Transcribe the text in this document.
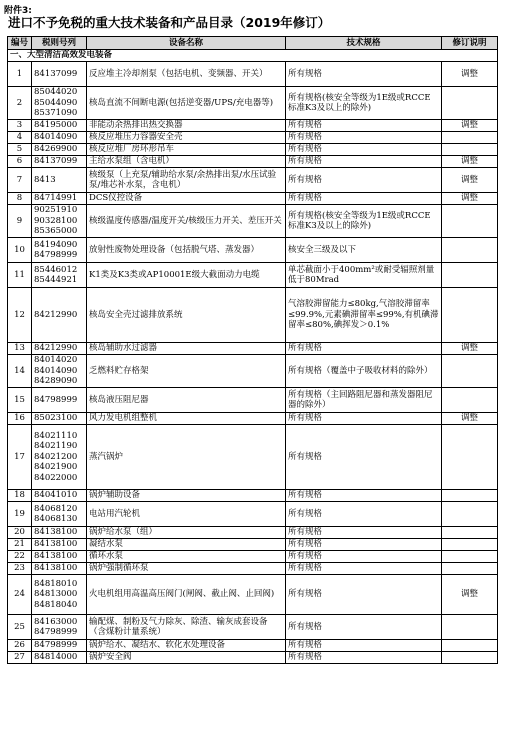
附件3:
进口不予免税的重大技术装备和产品目录（2019年修订）
编号	税则号列	设备名称	技术规格	修订说明
一、大型清洁高效发电装备				
1	84137099	反应堆主冷却剂泵（包括电机、变频器、开关）	所有规格	调整
2	85044020
85044090
85371090	核岛直流不间断电源(包括逆变器/UPS/充电器等)	所有规格(核安全等级为1E级或RCCE标准K3及以上的除外)	
3	84195000	非能动余热排出热交换器	所有规格	调整
4	84014090	核反应堆压力容器安全壳	所有规格	
5	84269900	核反应堆厂房环形吊车	所有规格	
6	84137099	主给水泵组（含电机）	所有规格	调整
7	8413	核级泵（上充泵/辅助给水泵/余热排出泵/水压试验泵/堆芯补水泵，含电机）	所有规格	调整
8	84714991	DCS仪控设备	所有规格	调整
9	90251910
90328100
85365000	核级温度传感器/温度开关/核级压力开关、差压开关	所有规格(核安全等级为1E级或RCCE标准K3及以上的除外)	
10	84194090
84798999	放射性废物处理设备（包括脱气塔、蒸发器）	核安全三级及以下	
11	85446012
85444921	K1类及K3类或AP10001E级大截面动力电缆	单芯截面小于400mm²或耐受辐照剂量低于80Mrad	
12	84212990	核岛安全壳过滤排放系统	气溶胶滞留能力≤80kg,气溶胶滞留率≤99.9%,元素碘滞留率≤99%,有机碘滞留率≤80%,碘挥发＞0.1%	
13	84212990	核岛辅助水过滤器	所有规格	调整
14	84014020
84014090
84289090	乏燃料贮存格架	所有规格（覆盖中子吸收材料的除外）	
15	84798999	核岛液压阻尼器	所有规格（主回路阻尼器和蒸发器阻尼器的除外）	
16	85023100	风力发电机组整机	所有规格	调整
17	84021110
84021190
84021200
84021900
84022000	蒸汽锅炉	所有规格	
18	84041010	锅炉辅助设备	所有规格	
19	84068120
84068130	电站用汽轮机	所有规格	
20	84138100	锅炉给水泵（组）	所有规格	
21	84138100	凝结水泵	所有规格	
22	84138100	循环水泵	所有规格	
23	84138100	锅炉强制循环泵	所有规格	
24	84818010
84813000
84818040	火电机组用高温高压阀门(闸阀、截止阀、止回阀)	所有规格	调整
25	84163000
84798999	输配煤、制粉及气力除灰、除渣、输灰成套设备（含煤粉计量系统）	所有规格	
26	84798999	锅炉给水、凝结水、软化水处理设备	所有规格	
27	84814000	锅炉安全阀	所有规格	
